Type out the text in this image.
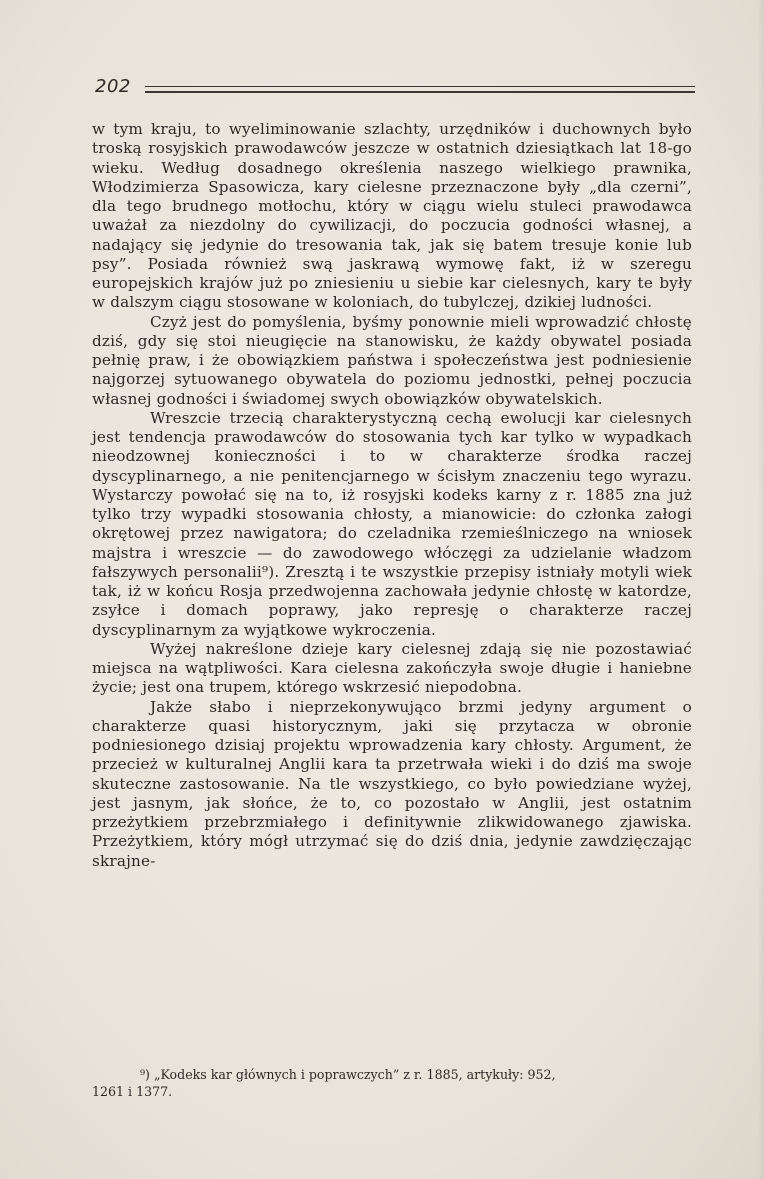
202

w tym kraju, to wyeliminowanie szlachty, urzędników i duchownych było troską rosyjskich prawodawców jeszcze w ostatnich dziesiątkach lat 18-go wieku. Według dosadnego określenia naszego wielkiego prawnika, Włodzimierza Spasowicza, kary cielesne przeznaczone były „dla czerni”, dla tego brudnego motłochu, który w ciągu wielu stuleci prawodawca uważał za niezdolny do cywilizacji, do poczucia godności własnej, a nadający się jedynie do tresowania tak, jak się batem tresuje konie lub psy”. Posiada również swą jaskrawą wymowę fakt, iż w szeregu europejskich krajów już po zniesieniu u siebie kar cielesnych, kary te były w dalszym ciągu stosowane w koloniach, do tubylczej, dzikiej ludności.

Czyż jest do pomyślenia, byśmy ponownie mieli wprowadzić chłostę dziś, gdy się stoi nieugięcie na stanowisku, że każdy obywatel posiada pełnię praw, i że obowiązkiem państwa i społeczeństwa jest podniesienie najgorzej sytuowanego obywatela do poziomu jednostki, pełnej poczucia własnej godności i świadomej swych obowiązków obywatelskich.

Wreszcie trzecią charakterystyczną cechą ewolucji kar cielesnych jest tendencja prawodawców do stosowania tych kar tylko w wypadkach nieodzownej konieczności i to w charakterze środka raczej dyscyplinarnego, a nie penitencjarnego w ścisłym znaczeniu tego wyrazu. Wystarczy powołać się na to, iż rosyjski kodeks karny z r. 1885 zna już tylko trzy wypadki stosowania chłosty, a mianowicie: do członka załogi okrętowej przez nawigatora; do czeladnika rzemieślniczego na wniosek majstra i wreszcie — do zawodowego włóczęgi za udzielanie władzom fałszywych personalii⁹). Zresztą i te wszystkie przepisy istniały motyli wiek tak, iż w końcu Rosja przedwojenna zachowała jedynie chłostę w katordze, zsyłce i domach poprawy, jako represję o charakterze raczej dyscyplinarnym za wyjątkowe wykroczenia.

Wyżej nakreślone dzieje kary cielesnej zdają się nie pozostawiać miejsca na wątpliwości. Kara cielesna zakończyła swoje długie i haniebne życie; jest ona trupem, którego wskrzesić niepodobna.

Jakże słabo i nieprzekonywująco brzmi jedyny argument o charakterze quasi historycznym, jaki się przytacza w obronie podniesionego dzisiaj projektu wprowadzenia kary chłosty. Argument, że przecież w kulturalnej Anglii kara ta przetrwała wieki i do dziś ma swoje skuteczne zastosowanie. Na tle wszystkiego, co było powiedziane wyżej, jest jasnym, jak słońce, że to, co pozostało w Anglii, jest ostatnim przeżytkiem przebrzmiałego i definitywnie zlikwidowanego zjawiska. Przeżytkiem, który mógł utrzymać się do dziś dnia, jedynie zawdzięczając skrajne-

⁹) „Kodeks kar głównych i poprawczych” z r. 1885, artykuły: 952,
1261 i 1377.
